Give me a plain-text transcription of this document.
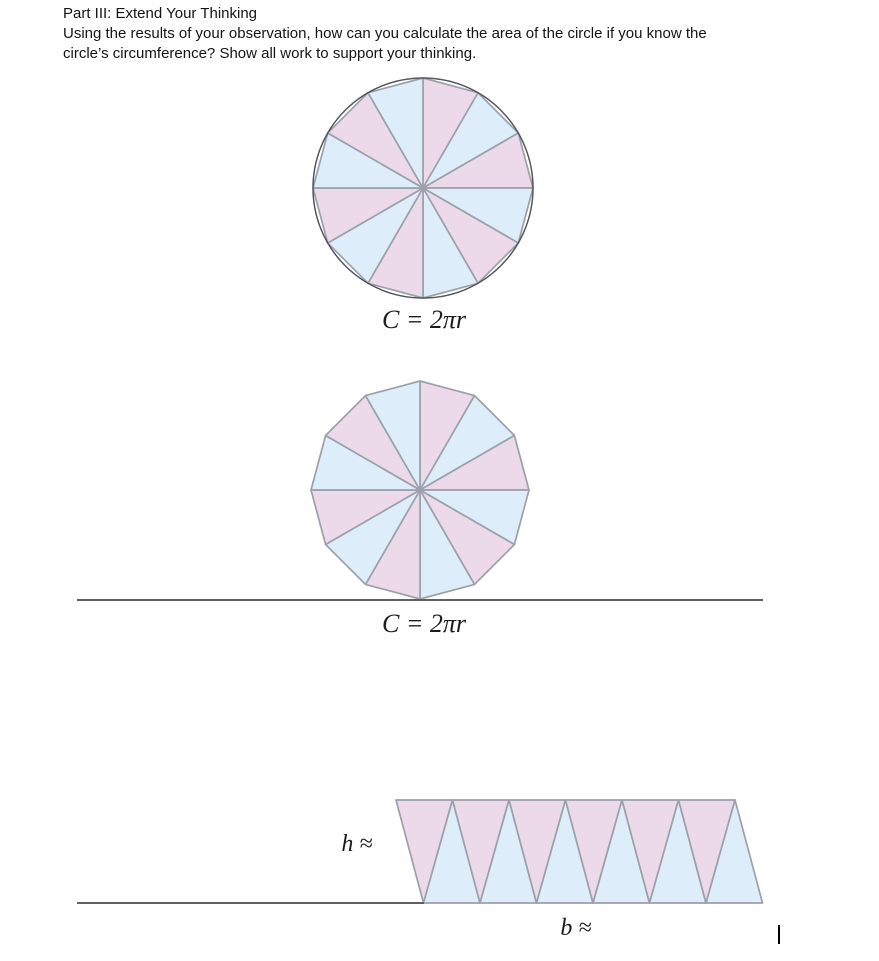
Part III: Extend Your Thinking
Using the results of your observation, how can you calculate the area of the circle if you know the
circle’s circumference? Show all work to support your thinking.
C = 2πr
C = 2πr
h ≈
b ≈
